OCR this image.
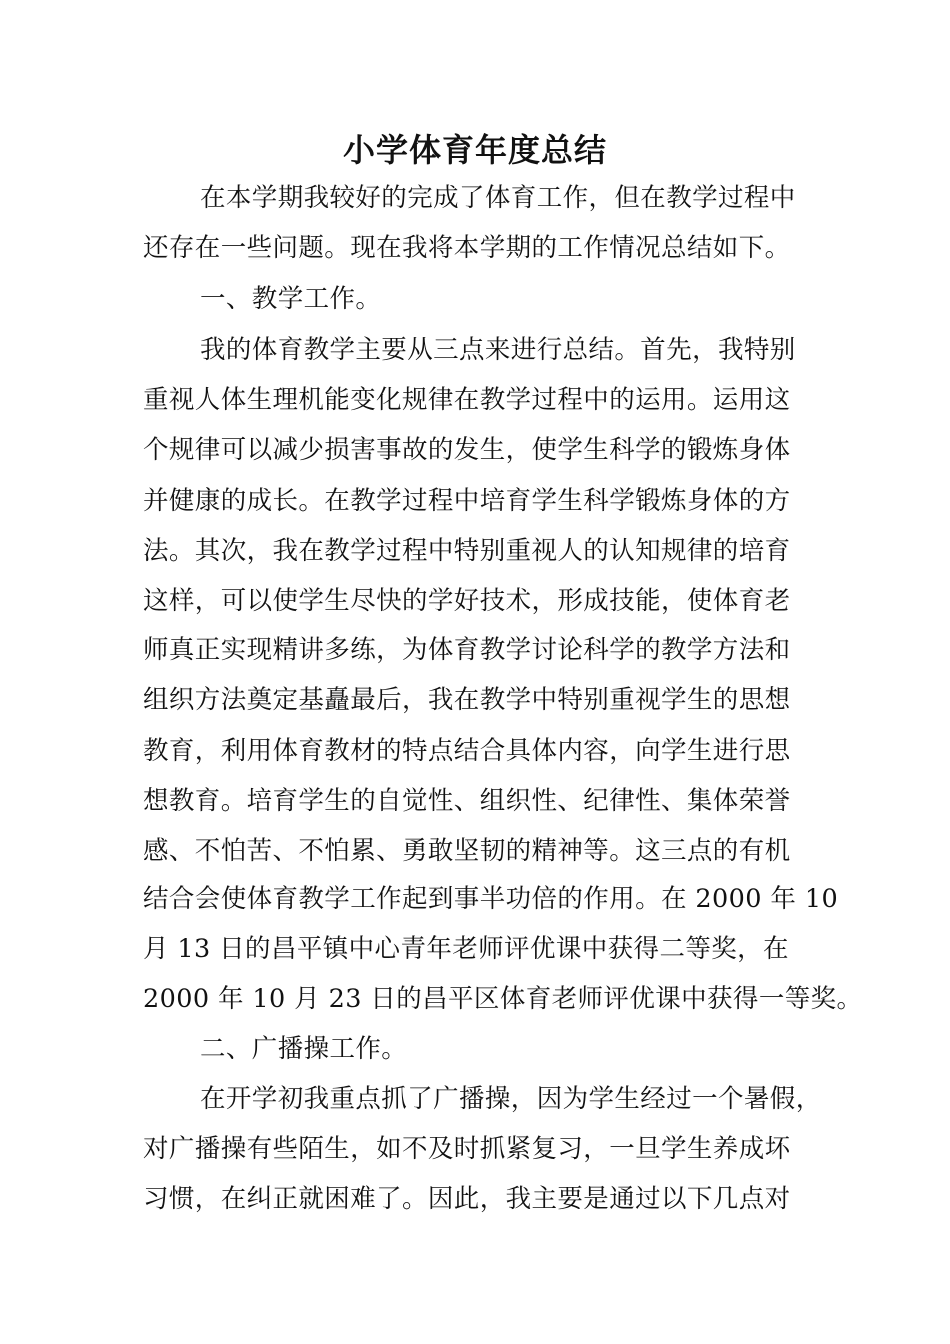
小学体育年度总结
在本学期我较好的完成了体育工作，但在教学过程中
还存在一些问题。现在我将本学期的工作情况总结如下。
一、教学工作。
我的体育教学主要从三点来进行总结。首先，我特别
重视人体生理机能变化规律在教学过程中的运用。运用这
个规律可以减少损害事故的发生，使学生科学的锻炼身体
并健康的成长。在教学过程中培育学生科学锻炼身体的方
法。其次，我在教学过程中特别重视人的认知规律的培育
这样，可以使学生尽快的学好技术，形成技能，使体育老
师真正实现精讲多练，为体育教学讨论科学的教学方法和
组织方法奠定基矗最后，我在教学中特别重视学生的思想
教育，利用体育教材的特点结合具体内容，向学生进行思
想教育。培育学生的自觉性、组织性、纪律性、集体荣誉
感、不怕苦、不怕累、勇敢坚韧的精神等。这三点的有机
结合会使体育教学工作起到事半功倍的作用。在 2000 年 10
月 13 日的昌平镇中心青年老师评优课中获得二等奖，在
2000 年 10 月 23 日的昌平区体育老师评优课中获得一等奖。
二、广播操工作。
在开学初我重点抓了广播操，因为学生经过一个暑假，
对广播操有些陌生，如不及时抓紧复习，一旦学生养成坏
习惯，在纠正就困难了。因此，我主要是通过以下几点对
